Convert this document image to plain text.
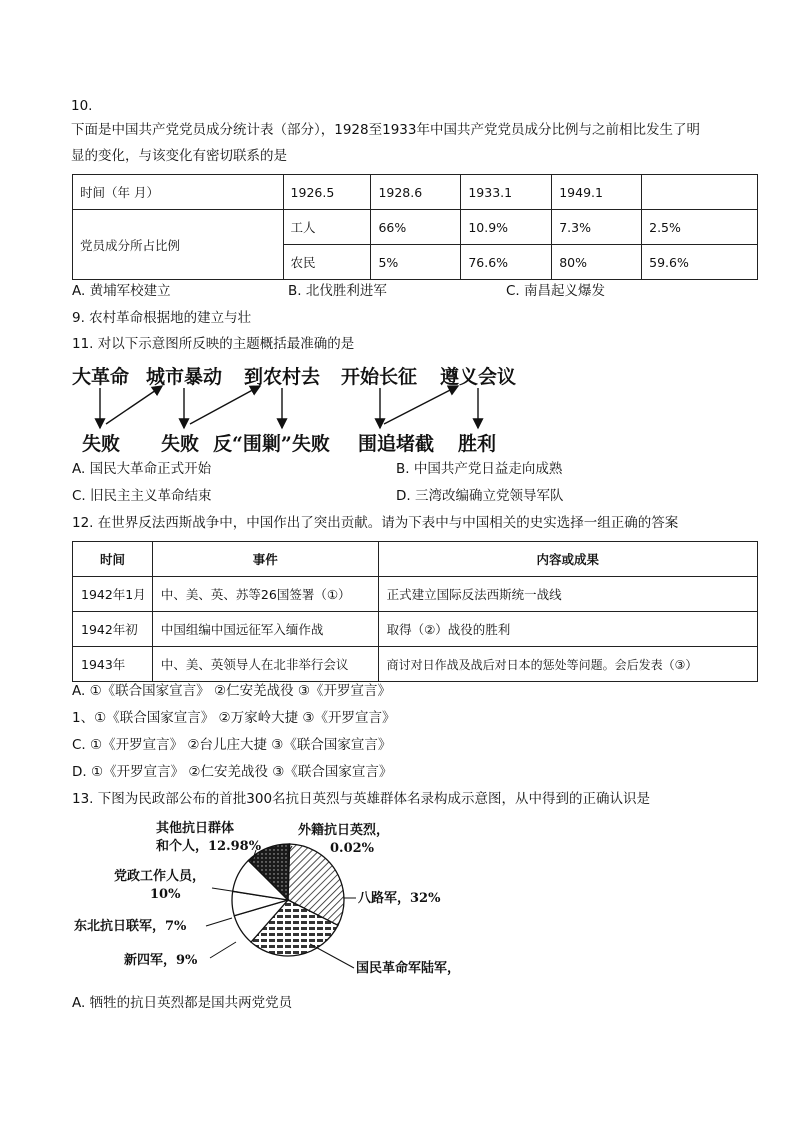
10.
下面是中国共产党党员成分统计表（部分），1928至1933年中国共产党党员成分比例与之前相比发生了明
显的变化，与该变化有密切联系的是
时间（年 月）	1926.5	1928.6	1933.1	1949.1	
党员成分所占比例	工人	66%	10.9%	7.3%	2.5%
	农民	5%	76.6%	80%	59.6%
A. 黄埔军校建立	B. 北伐胜利进军	C. 南昌起义爆发
9. 农村革命根据地的建立与壮
11. 对以下示意图所反映的主题概括最准确的是
大革命 城市暴动 到农村去 开始长征 遵义会议
失败 失败 反“围剿”失败 围追堵截 胜利
A. 国民大革命正式开始	B. 中国共产党日益走向成熟
C. 旧民主主义革命结束	D. 三湾改编确立党领导军队
12. 在世界反法西斯战争中，中国作出了突出贡献。请为下表中与中国相关的史实选择一组正确的答案
时间	事件	内容或成果
1942年1月	中、美、英、苏等26国签署（①）	正式建立国际反法西斯统一战线
1942年初	中国组编中国远征军入缅作战	取得（②）战役的胜利
1943年	中、美、英领导人在北非举行会议	商讨对日作战及战后对日本的惩处等问题。会后发表（③）
A. ①《联合国家宣言》 ②仁安羌战役 ③《开罗宣言》
1、①《联合国家宣言》 ②万家岭大捷 ③《开罗宣言》
C. ①《开罗宣言》 ②台儿庄大捷 ③《联合国家宣言》
D. ①《开罗宣言》 ②仁安羌战役 ③《联合国家宣言》
13. 下图为民政部公布的首批300名抗日英烈与英雄群体名录构成示意图，从中得到的正确认识是
外籍抗日英烈，
0.02%
八路军，32%
国民革命军陆军，
新四军，9%
东北抗日联军，7%
党政工作人员，
10%
其他抗日群体
和个人，12.98%
A. 牺牲的抗日英烈都是国共两党党员
